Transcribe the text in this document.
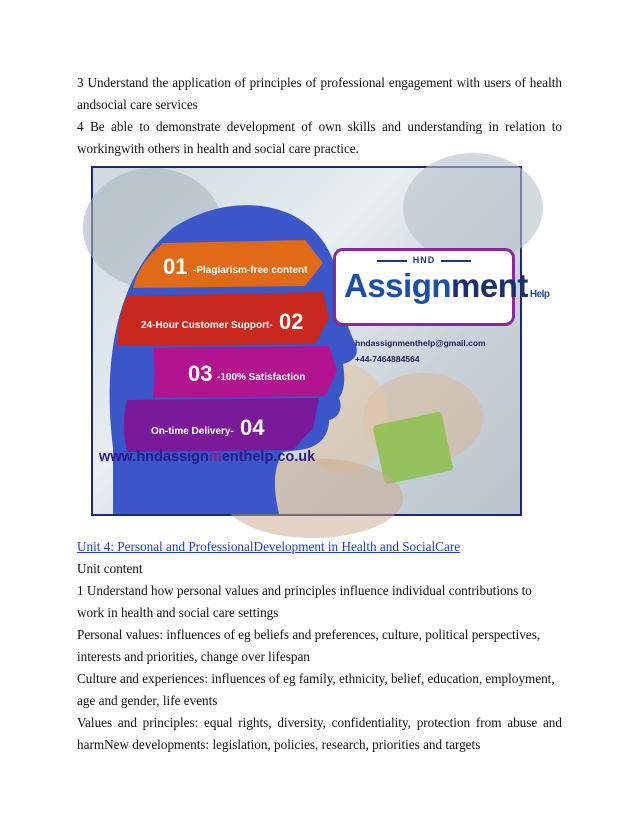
3 Understand the application of principles of professional engagement with users of health andsocial care services

4 Be able to demonstrate development of own skills and understanding in relation to workingwith others in health and social care practice.

01 -Plagiarism-free content
24-Hour Customer Support- 02
03 -100% Satisfaction
On-time Delivery- 04
HND
Assignment Help
hndassignmenthelp@gmail.com
+44-7464884564
www.hndassignmenthelp.co.uk

Unit 4: Personal and ProfessionalDevelopment in Health and SocialCare

Unit content

1 Understand how personal values and principles influence individual contributions to work in health and social care settings

Personal values: influences of eg beliefs and preferences, culture, political perspectives, interests and priorities, change over lifespan

Culture and experiences: influences of eg family, ethnicity, belief, education, employment, age and gender, life events

Values and principles: equal rights, diversity, confidentiality, protection from abuse and harmNew developments: legislation, policies, research, priorities and targets
